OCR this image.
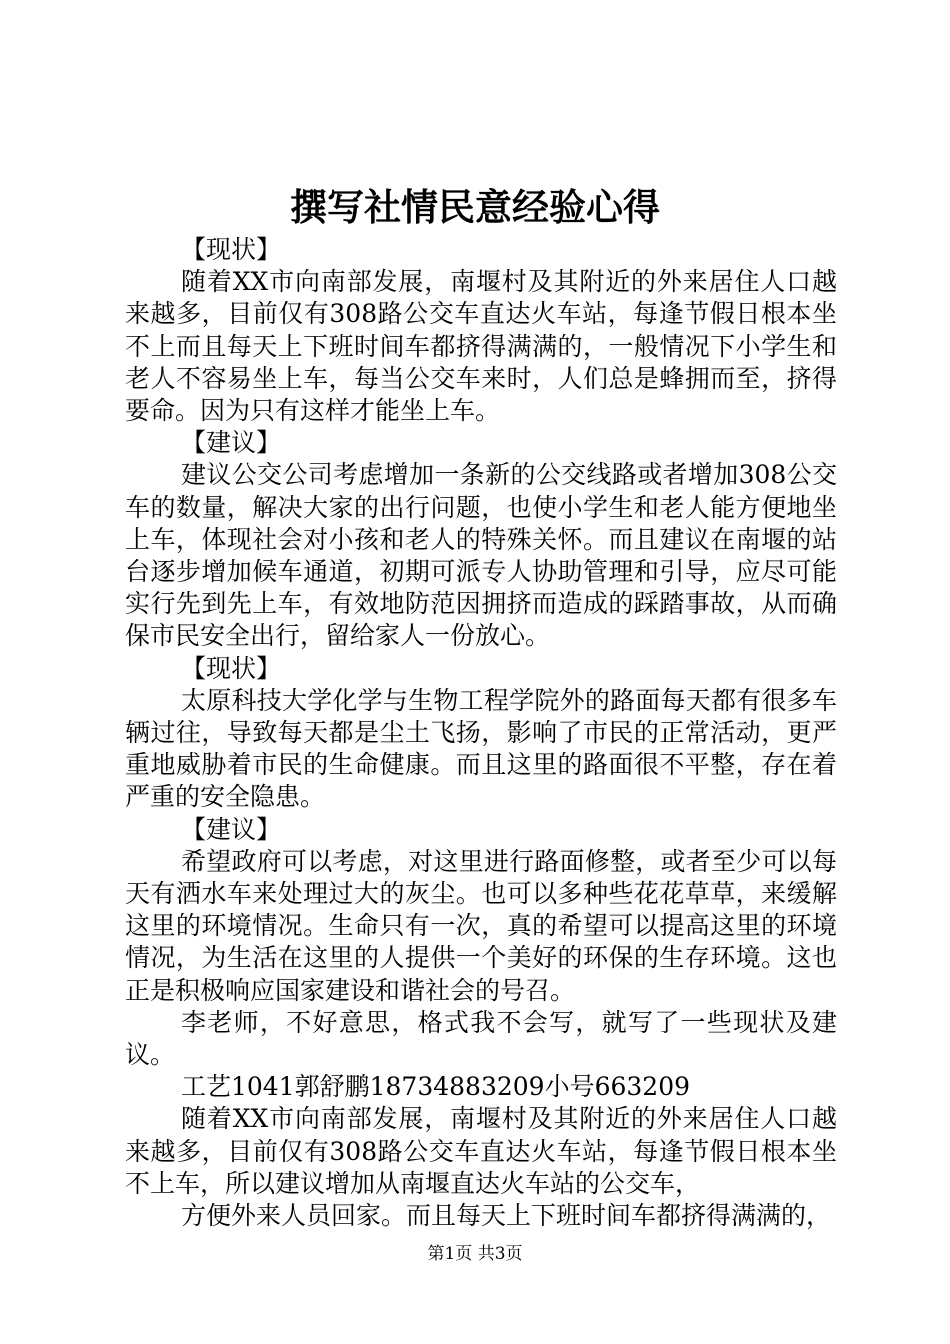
撰写社情民意经验心得

【现状】

随着XX市向南部发展，南堰村及其附近的外来居住人口越来越多，目前仅有308路公交车直达火车站，每逢节假日根本坐不上而且每天上下班时间车都挤得满满的，一般情况下小学生和老人不容易坐上车，每当公交车来时，人们总是蜂拥而至，挤得要命。因为只有这样才能坐上车。

【建议】

建议公交公司考虑增加一条新的公交线路或者增加308公交车的数量，解决大家的出行问题，也使小学生和老人能方便地坐上车，体现社会对小孩和老人的特殊关怀。而且建议在南堰的站台逐步增加候车通道，初期可派专人协助管理和引导，应尽可能实行先到先上车，有效地防范因拥挤而造成的踩踏事故，从而确保市民安全出行，留给家人一份放心。

【现状】

太原科技大学化学与生物工程学院外的路面每天都有很多车辆过往，导致每天都是尘土飞扬，影响了市民的正常活动，更严重地威胁着市民的生命健康。而且这里的路面很不平整，存在着严重的安全隐患。

【建议】

希望政府可以考虑，对这里进行路面修整，或者至少可以每天有洒水车来处理过大的灰尘。也可以多种些花花草草，来缓解这里的环境情况。生命只有一次，真的希望可以提高这里的环境情况，为生活在这里的人提供一个美好的环保的生存环境。这也正是积极响应国家建设和谐社会的号召。

李老师，不好意思，格式我不会写，就写了一些现状及建议。

工艺1041郭舒鹏18734883209小号663209

随着XX市向南部发展，南堰村及其附近的外来居住人口越来越多，目前仅有308路公交车直达火车站，每逢节假日根本坐不上车，所以建议增加从南堰直达火车站的公交车，

方便外来人员回家。而且每天上下班时间车都挤得满满的，

第1页 共3页
